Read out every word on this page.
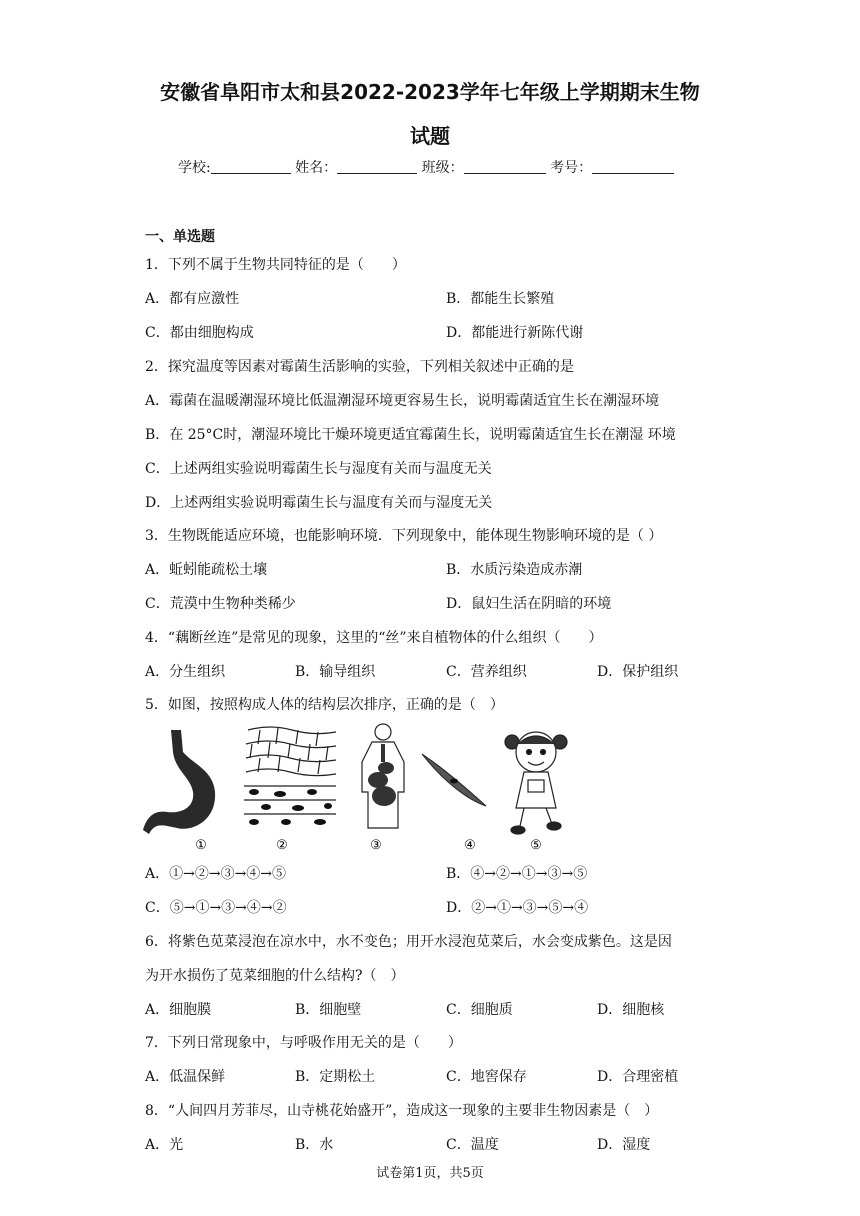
安徽省阜阳市太和县2022-2023学年七年级上学期期末生物
试题
学校:	姓名：	班级：	考号：
一、单选题
1．下列不属于生物共同特征的是（　　）
A．都有应激性	B．都能生长繁殖
C．都由细胞构成	D．都能进行新陈代谢
2．探究温度等因素对霉菌生活影响的实验，下列相关叙述中正确的是
A．霉菌在温暖潮湿环境比低温潮湿环境更容易生长，说明霉菌适宜生长在潮湿环境
B．在 25°C时，潮湿环境比干燥环境更适宜霉菌生长，说明霉菌适宜生长在潮湿 环境
C．上述两组实验说明霉菌生长与湿度有关而与温度无关
D．上述两组实验说明霉菌生长与温度有关而与湿度无关
3．生物既能适应环境，也能影响环境．下列现象中，能体现生物影响环境的是（ ）
A．蚯蚓能疏松土壤	B．水质污染造成赤潮
C．荒漠中生物种类稀少	D．鼠妇生活在阴暗的环境
4．“藕断丝连”是常见的现象，这里的“丝”来自植物体的什么组织（　　）
A．分生组织	B．输导组织	C．营养组织	D．保护组织
5．如图，按照构成人体的结构层次排序，正确的是（　）
①	②	③	④	⑤
A．①→②→③→④→⑤	B．④→②→①→③→⑤
C．⑤→①→③→④→②	D．②→①→③→⑤→④
6．将紫色苋菜浸泡在凉水中，水不变色；用开水浸泡苋菜后，水会变成紫色。这是因
为开水损伤了苋菜细胞的什么结构?（　）
A．细胞膜	B．细胞壁	C．细胞质	D．细胞核
7．下列日常现象中，与呼吸作用无关的是（　　）
A．低温保鲜	B．定期松土	C．地窖保存	D．合理密植
8．“人间四月芳菲尽，山寺桃花始盛开”，造成这一现象的主要非生物因素是（　）
A．光	B．水	C．温度	D．湿度
试卷第1页，共5页
